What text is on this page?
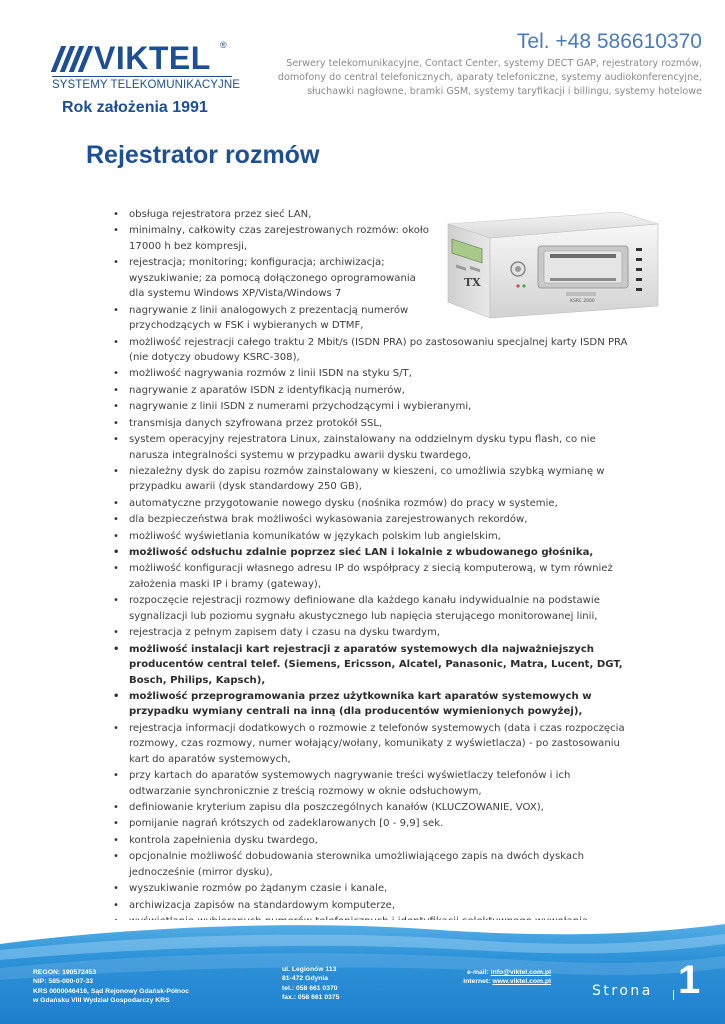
VIKTEL ®
SYSTEMY TELEKOMUNIKACYJNE
Rok założenia 1991
Tel. +48 586610370
Serwery telekomunikacyjne, Contact Center, systemy DECT GAP, rejestratory rozmów, domofony do central telefonicznych, aparaty telefoniczne, systemy audiokonferencyjne, słuchawki nagłowne, bramki GSM, systemy taryfikacji i billingu, systemy hotelowe
Rejestrator rozmów
TX
KSRC 2000
• obsługa rejestratora przez sieć LAN,
• minimalny, całkowity czas zarejestrowanych rozmów: około 17000 h bez kompresji,
• rejestracja; monitoring; konfiguracja; archiwizacja; wyszukiwanie; za pomocą dołączonego oprogramowania dla systemu Windows XP/Vista/Windows 7
• nagrywanie z linii analogowych z prezentacją numerów przychodzących w FSK i wybieranych w DTMF,
• możliwość rejestracji całego traktu 2 Mbit/s (ISDN PRA) po zastosowaniu specjalnej karty ISDN PRA (nie dotyczy obudowy KSRC-308),
• możliwość nagrywania rozmów z linii ISDN na styku S/T,
• nagrywanie z aparatów ISDN z identyfikacją numerów,
• nagrywanie z linii ISDN z numerami przychodzącymi i wybieranymi,
• transmisja danych szyfrowana przez protokół SSL,
• system operacyjny rejestratora Linux, zainstalowany na oddzielnym dysku typu flash, co nie narusza integralności systemu w przypadku awarii dysku twardego,
• niezależny dysk do zapisu rozmów zainstalowany w kieszeni, co umożliwia szybką wymianę w przypadku awarii (dysk standardowy 250 GB),
• automatyczne przygotowanie nowego dysku (nośnika rozmów) do pracy w systemie,
• dla bezpieczeństwa brak możliwości wykasowania zarejestrowanych rekordów,
• możliwość wyświetlania komunikatów w językach polskim lub angielskim,
• możliwość odsłuchu zdalnie poprzez sieć LAN i lokalnie z wbudowanego głośnika,
• możliwość konfiguracji własnego adresu IP do współpracy z siecią komputerową, w tym również założenia maski IP i bramy (gateway),
• rozpoczęcie rejestracji rozmowy definiowane dla każdego kanału indywidualnie na podstawie sygnalizacji lub poziomu sygnału akustycznego lub napięcia sterującego monitorowanej linii,
• rejestracja z pełnym zapisem daty i czasu na dysku twardym,
• możliwość instalacji kart rejestracji z aparatów systemowych dla najważniejszych producentów central telef. (Siemens, Ericsson, Alcatel, Panasonic, Matra, Lucent, DGT, Bosch, Philips, Kapsch),
• możliwość przeprogramowania przez użytkownika kart aparatów systemowych w przypadku wymiany centrali na inną (dla producentów wymienionych powyżej),
• rejestracja informacji dodatkowych o rozmowie z telefonów systemowych (data i czas rozpoczęcia rozmowy, czas rozmowy, numer wołający/wołany, komunikaty z wyświetlacza) - po zastosowaniu kart do aparatów systemowych,
• przy kartach do aparatów systemowych nagrywanie treści wyświetlaczy telefonów i ich odtwarzanie synchronicznie z treścią rozmowy w oknie odsłuchowym,
• definiowanie kryterium zapisu dla poszczególnych kanałów (KLUCZOWANIE, VOX),
• pomijanie nagrań krótszych od zadeklarowanych [0 - 9,9] sek.
• kontrola zapełnienia dysku twardego,
• opcjonalnie możliwość dobudowania sterownika umożliwiającego zapis na dwóch dyskach jednocześnie (mirror dysku),
• wyszukiwanie rozmów po żądanym czasie i kanale,
• archiwizacja zapisów na standardowym komputerze,
•
•
•
REGON: 190572453
NIP: 585-000-07-33
KRS 0000046416, Sąd Rejonowy Gdańsk-Północ
w Gdańsku VIII Wydział Gospodarczy KRS
ul. Legionów 113
81-472 Gdynia
tel.: 058 661 0370
fax.: 058 661 0375
e-mail: info@viktel.com.pl
internet: www.viktel.com.pl
Strona 1
